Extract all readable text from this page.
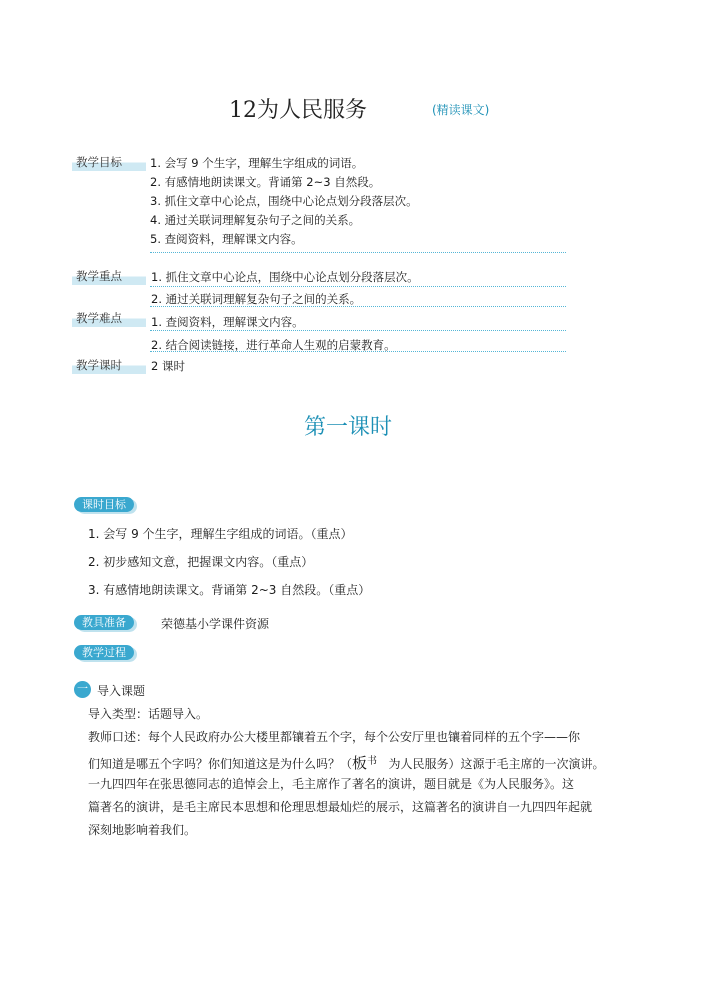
12为人民服务	(精读课文)
教学目标	1. 会写 9 个生字，理解生字组成的词语。
2. 有感情地朗读课文。背诵第 2~3 自然段。
3. 抓住文章中心论点，围绕中心论点划分段落层次。
4. 通过关联词理解复杂句子之间的关系。
5. 查阅资料，理解课文内容。
教学重点	1. 抓住文章中心论点，围绕中心论点划分段落层次。
2. 通过关联词理解复杂句子之间的关系。
教学难点	1. 查阅资料，理解课文内容。
2. 结合阅读链接，进行革命人生观的启蒙教育。
教学课时	2 课时
第一课时
课时目标
1. 会写 9 个生字，理解生字组成的词语。（重点）
2. 初步感知文意，把握课文内容。（重点）
3. 有感情地朗读课文。背诵第 2~3 自然段。（重点）
教具准备	荣德基小学课件资源
教学过程
一 导入课题
导入类型：话题导入。
教师口述：每个人民政府办公大楼里都镶着五个字，每个公安厅里也镶着同样的五个字——你
们知道是哪五个字吗？你们知道这是为什么吗？（板$^书$ 为人民服务）这源于毛主席的一次演讲。
一九四四年在张思德同志的追悼会上，毛主席作了著名的演讲，题目就是《为人民服务》。这
篇著名的演讲，是毛主席民本思想和伦理思想最灿烂的展示，这篇著名的演讲自一九四四年起就
深刻地影响着我们。
